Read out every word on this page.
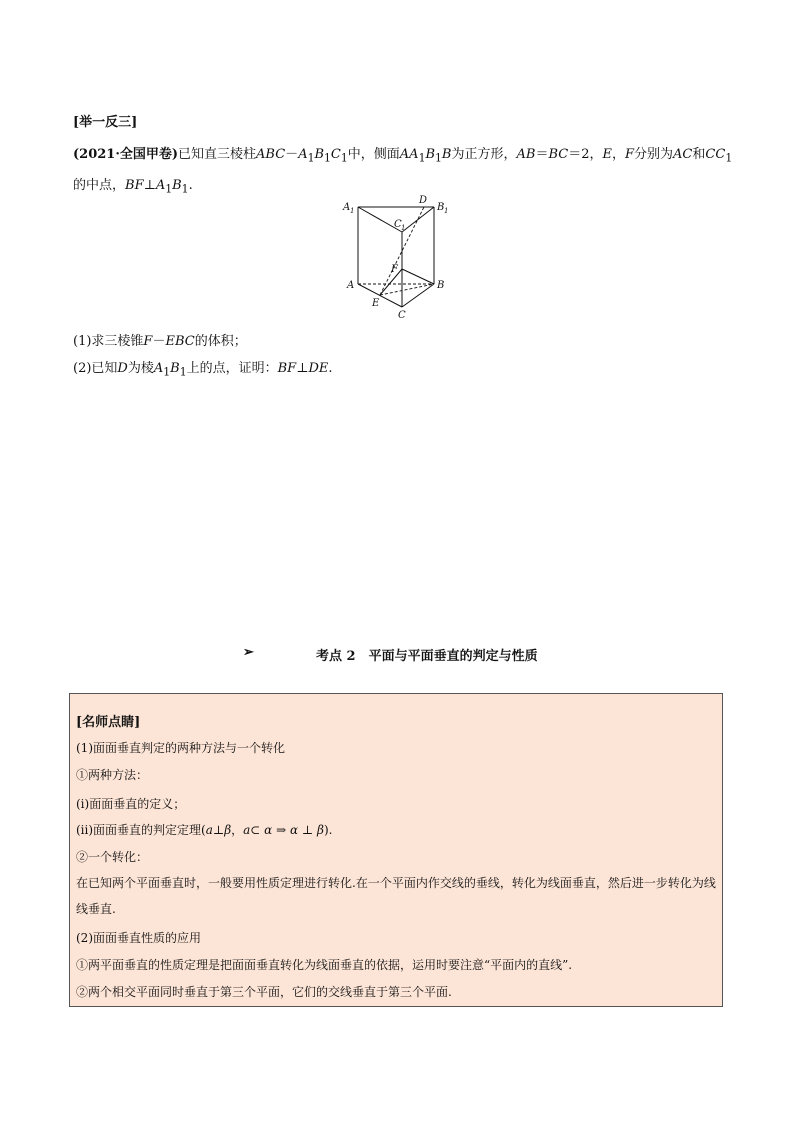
[举一反三]
(2021·全国甲卷)已知直三棱柱$ABC-A_1B_1C_1$中，侧面$AA_1B_1B$为正方形，AB＝BC＝2，E，F分别为AC和$CC_1$的中点，$BF\perp A_1B_1$.
A 1
D
B 1
C 1
F
A	B
E
C
(1)求三棱锥F－EBC的体积；
(2)已知D为棱$A_1B_1$上的点，证明：BF⊥DE.
➢	考点 2　平面与平面垂直的判定与性质
[名师点睛]
(1)面面垂直判定的两种方法与一个转化
①两种方法：
(i)面面垂直的定义；
(ii)面面垂直的判定定理(a⊥β，a⊂ α ⇒ α ⊥ β).
②一个转化：
在已知两个平面垂直时，一般要用性质定理进行转化.在一个平面内作交线的垂线，转化为线面垂直，然后进一步转化为线线垂直.
(2)面面垂直性质的应用
①两平面垂直的性质定理是把面面垂直转化为线面垂直的依据，运用时要注意“平面内的直线”.
②两个相交平面同时垂直于第三个平面，它们的交线垂直于第三个平面.
